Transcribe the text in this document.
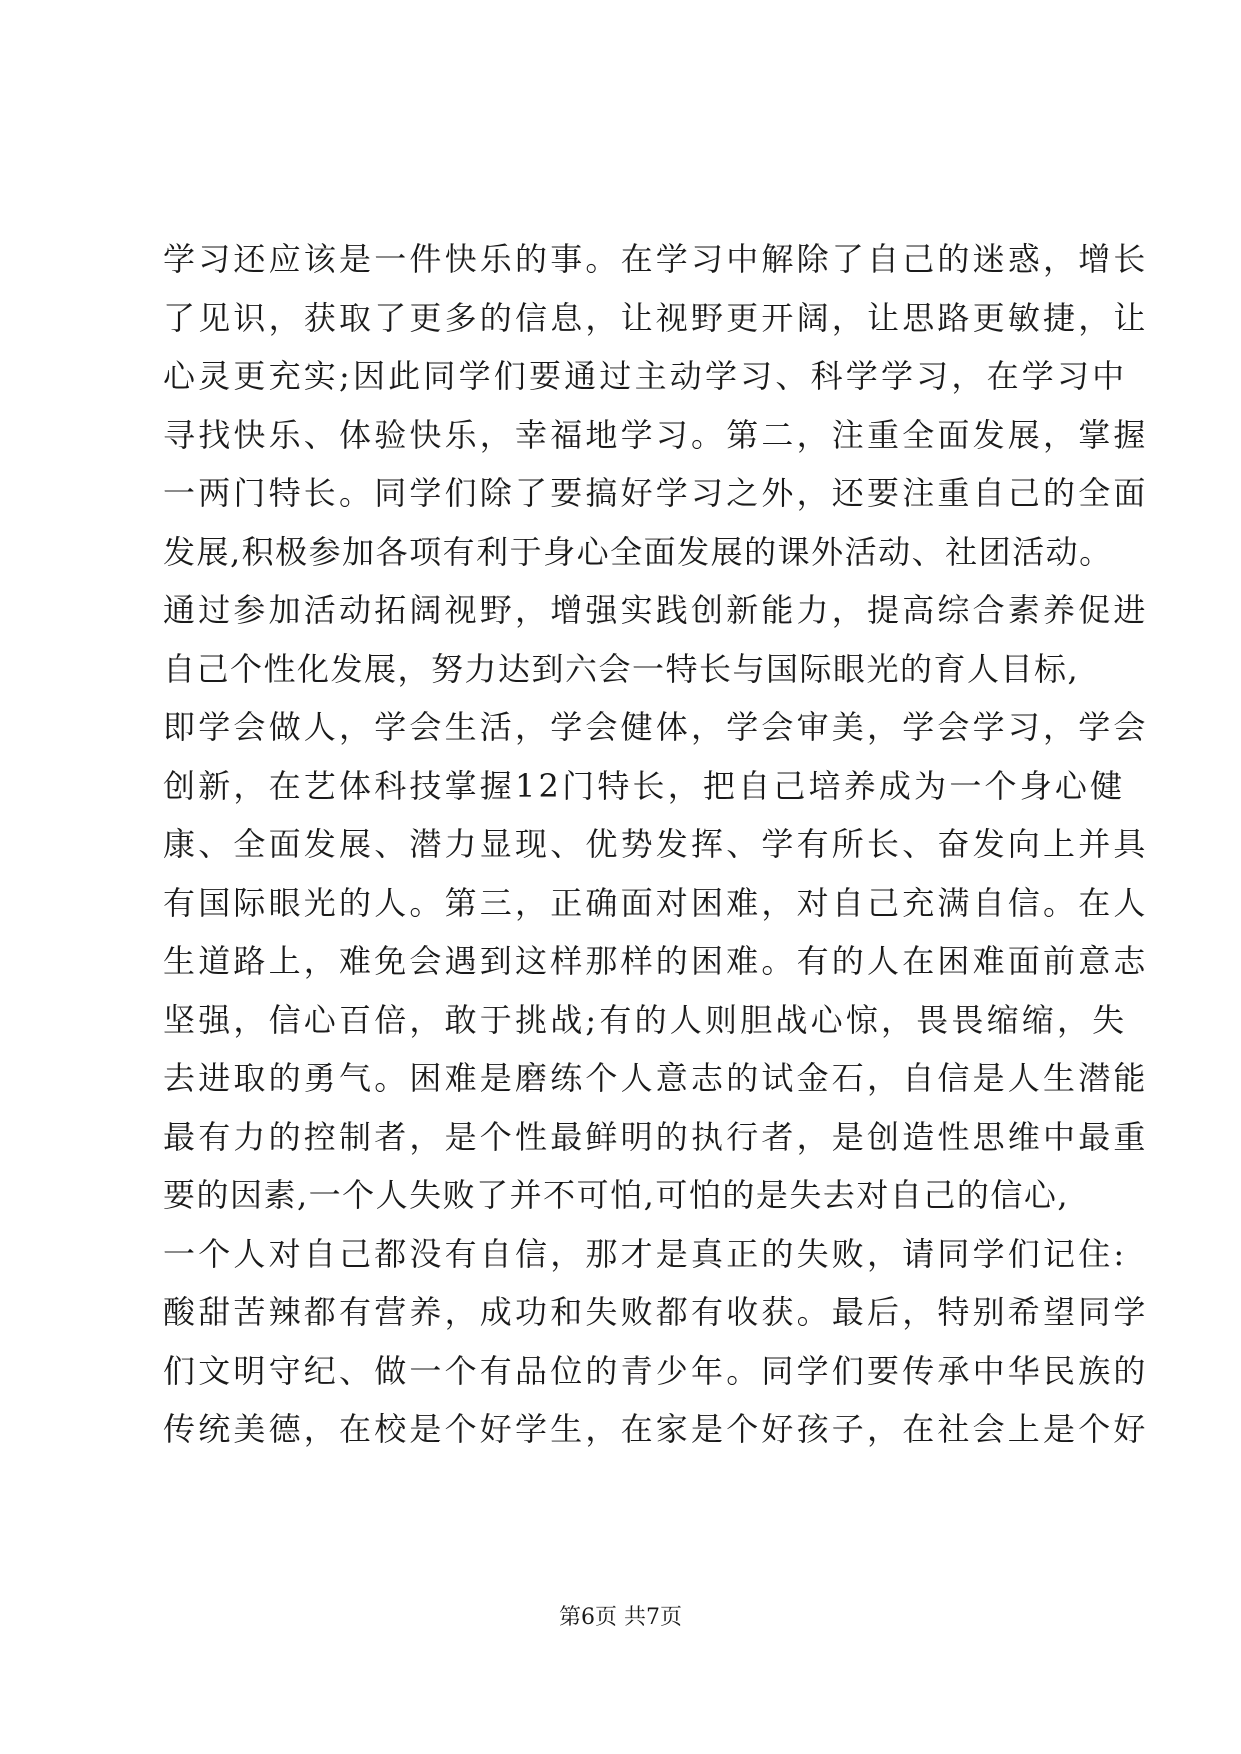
学习还应该是一件快乐的事。在学习中解除了自己的迷惑，增长
了见识，获取了更多的信息，让视野更开阔，让思路更敏捷，让
心灵更充实;因此同学们要通过主动学习、科学学习，在学习中
寻找快乐、体验快乐，幸福地学习。第二，注重全面发展，掌握
一两门特长。同学们除了要搞好学习之外，还要注重自己的全面
发展,积极参加各项有利于身心全面发展的课外活动、社团活动。
通过参加活动拓阔视野，增强实践创新能力，提高综合素养促进
自己个性化发展，努力达到六会一特长与国际眼光的育人目标,
即学会做人，学会生活，学会健体，学会审美，学会学习，学会
创新，在艺体科技掌握12门特长，把自己培养成为一个身心健
康、全面发展、潜力显现、优势发挥、学有所长、奋发向上并具
有国际眼光的人。第三，正确面对困难，对自己充满自信。在人
生道路上，难免会遇到这样那样的困难。有的人在困难面前意志
坚强，信心百倍，敢于挑战;有的人则胆战心惊，畏畏缩缩，失
去进取的勇气。困难是磨练个人意志的试金石，自信是人生潜能
最有力的控制者，是个性最鲜明的执行者，是创造性思维中最重
要的因素,一个人失败了并不可怕,可怕的是失去对自己的信心,
一个人对自己都没有自信，那才是真正的失败，请同学们记住:
酸甜苦辣都有营养，成功和失败都有收获。最后，特别希望同学
们文明守纪、做一个有品位的青少年。同学们要传承中华民族的
传统美德，在校是个好学生，在家是个好孩子，在社会上是个好
第6页 共7页
